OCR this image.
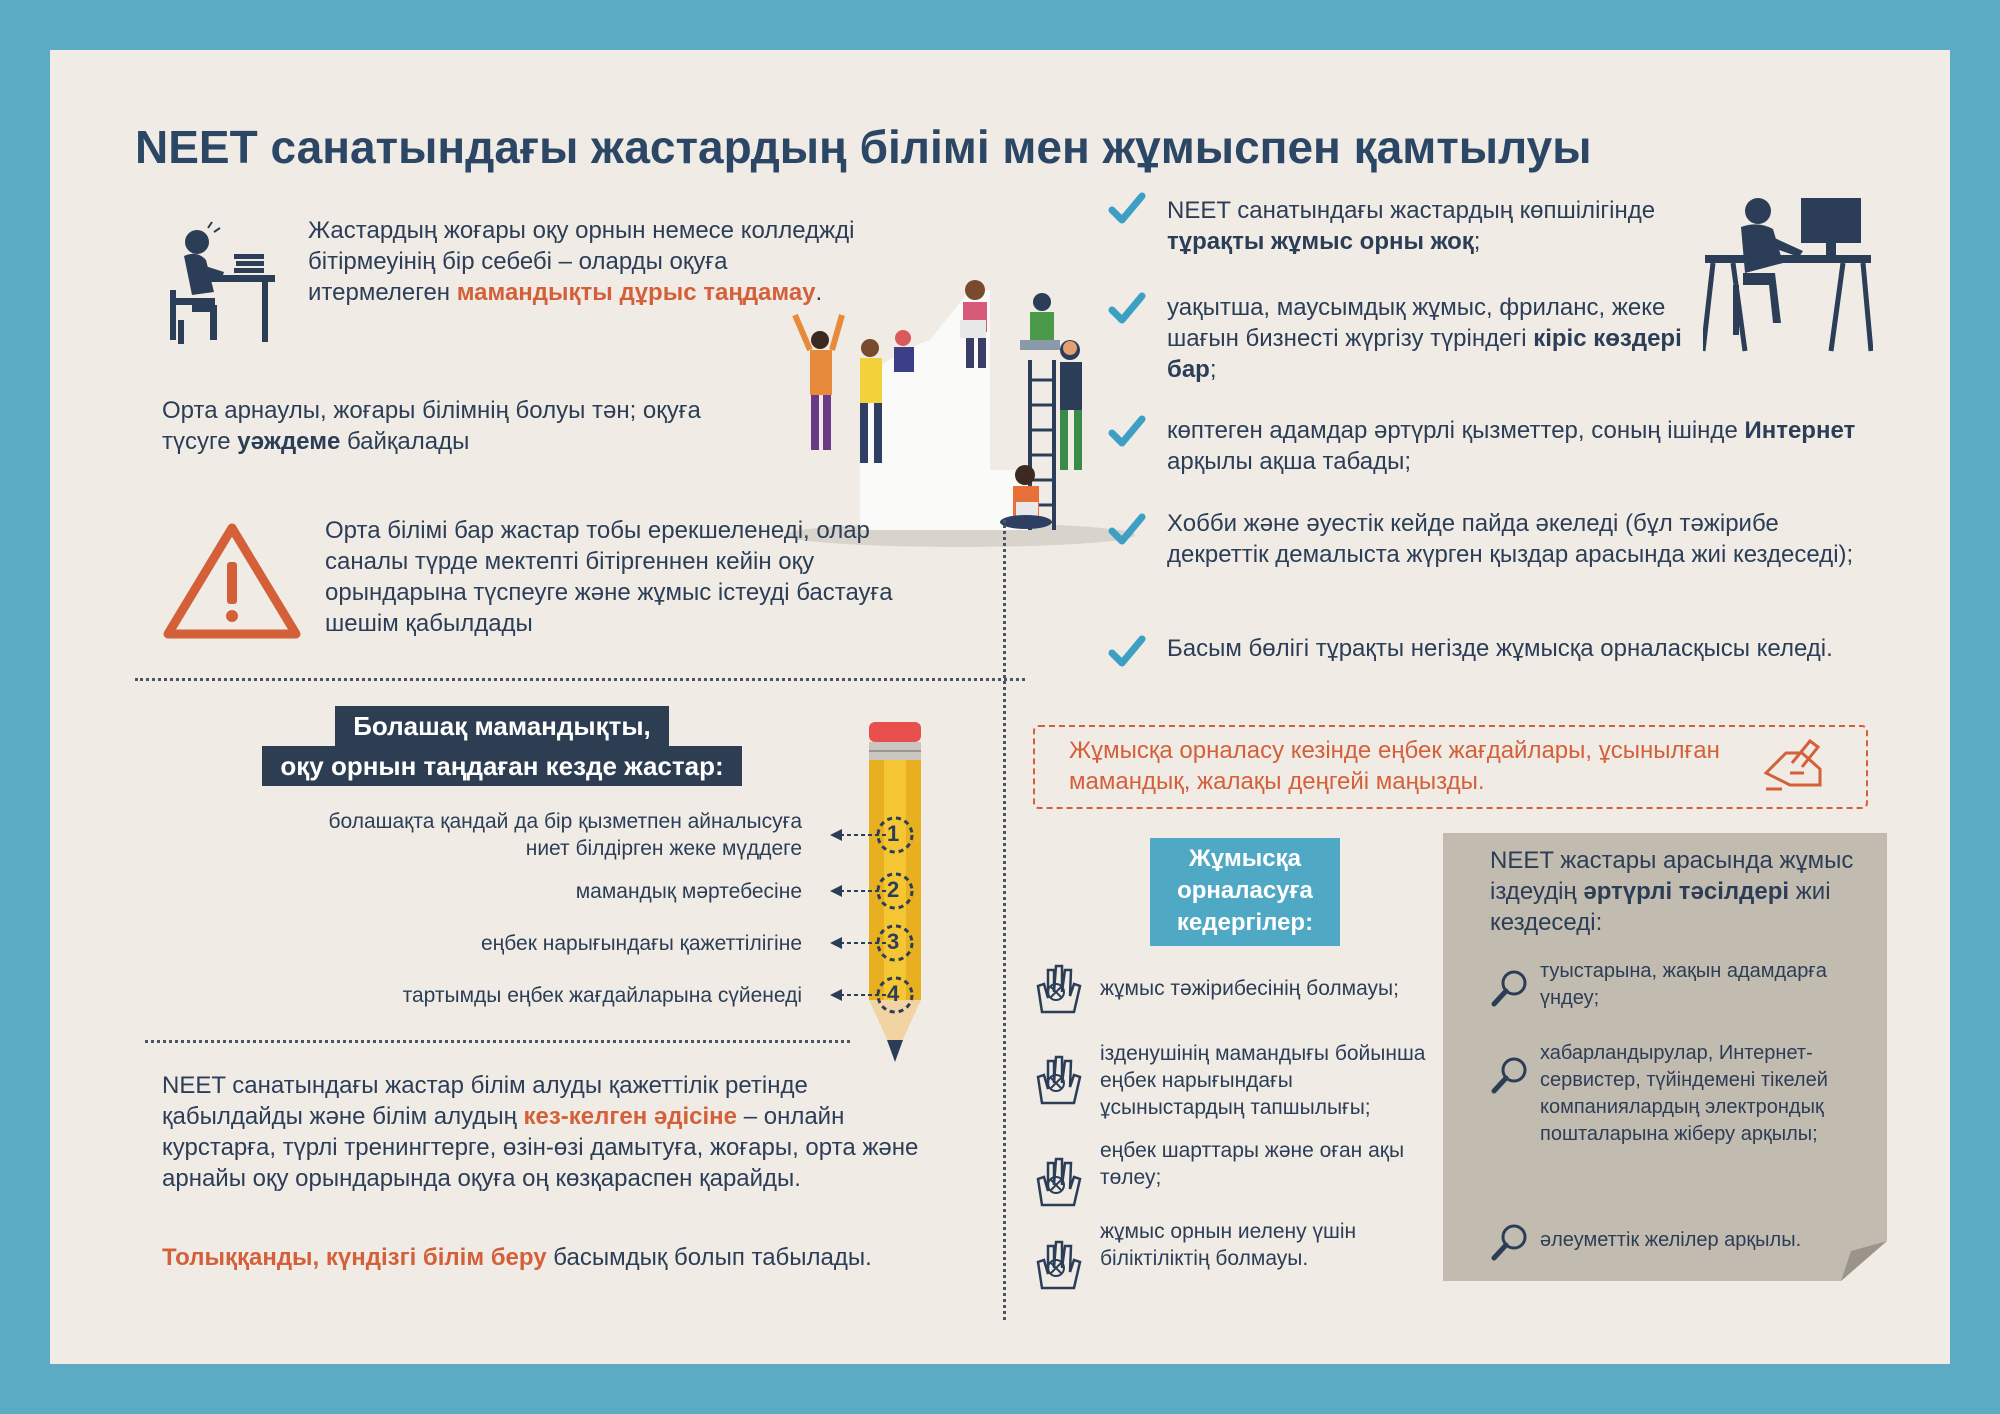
NEET санатындағы жастардың білімі мен жұмыспен қамтылуы

Жастардың жоғары оқу орнын немесе колледжді бітірмеуінің бір себебі – оларды оқуға итермелеген мамандықты дұрыс таңдамау.

Орта арнаулы, жоғары білімнің болуы тән; оқуға түсуге уәждеме байқалады

Орта білімі бар жастар тобы ерекшеленеді, олар саналы түрде мектепті бітіргеннен кейін оқу орындарына түспеуге және жұмыс істеуді бастауға шешім қабылдады

Болашақ мамандықты,
оқу орнын таңдаған кезде жастар:
1
2
3
4
болашақта қандай да бір қызметпен айналысуға
ниет білдірген жеке мүддеге
мамандық мәртебесіне
еңбек нарығындағы қажеттілігіне
тартымды еңбек жағдайларына сүйенеді

NEET санатындағы жастар білім алуды қажеттілік ретінде қабылдайды және білім алудың кез-келген әдісіне – онлайн курстарға, түрлі тренингтерге, өзін-өзі дамытуға, жоғары, орта және арнайы оқу орындарында оқуға оң көзқараспен қарайды.

Толыққанды, күндізгі білім беру басымдық болып табылады.

NEET санатындағы жастардың көпшілігінде тұрақты жұмыс орны жоқ;

уақытша, маусымдық жұмыс, фриланс, жеке шағын бизнесті жүргізу түріндегі кіріс көздері бар;

көптеген адамдар әртүрлі қызметтер, соның ішінде Интернет арқылы ақша табады;

Хобби және әуестік кейде пайда әкеледі (бұл тәжірибе декреттік демалыста жүрген қыздар арасында жиі кездеседі);

Басым бөлігі тұрақты негізде жұмысқа орналасқысы келеді.

Жұмысқа орналасу кезінде еңбек жағдайлары, ұсынылған мамандық, жалақы деңгейі маңызды.
Жұмысқа
орналасуға
кедергілер:

жұмыс тәжірибесінің болмауы;

ізденушінің мамандығы бойынша еңбек нарығындағы ұсыныстардың тапшылығы;

еңбек шарттары және оған ақы төлеу;

жұмыс орнын иелену үшін біліктіліктің болмауы.

NEET жастары арасында жұмыс іздеудің әртүрлі тәсілдері жиі кездеседі:

туыстарына, жақын адамдарға үндеу;

хабарландырулар, Интернет-сервистер, түйіндемені тікелей компаниялардың электрондық пошталарына жіберу арқылы;

әлеуметтік желілер арқылы.
